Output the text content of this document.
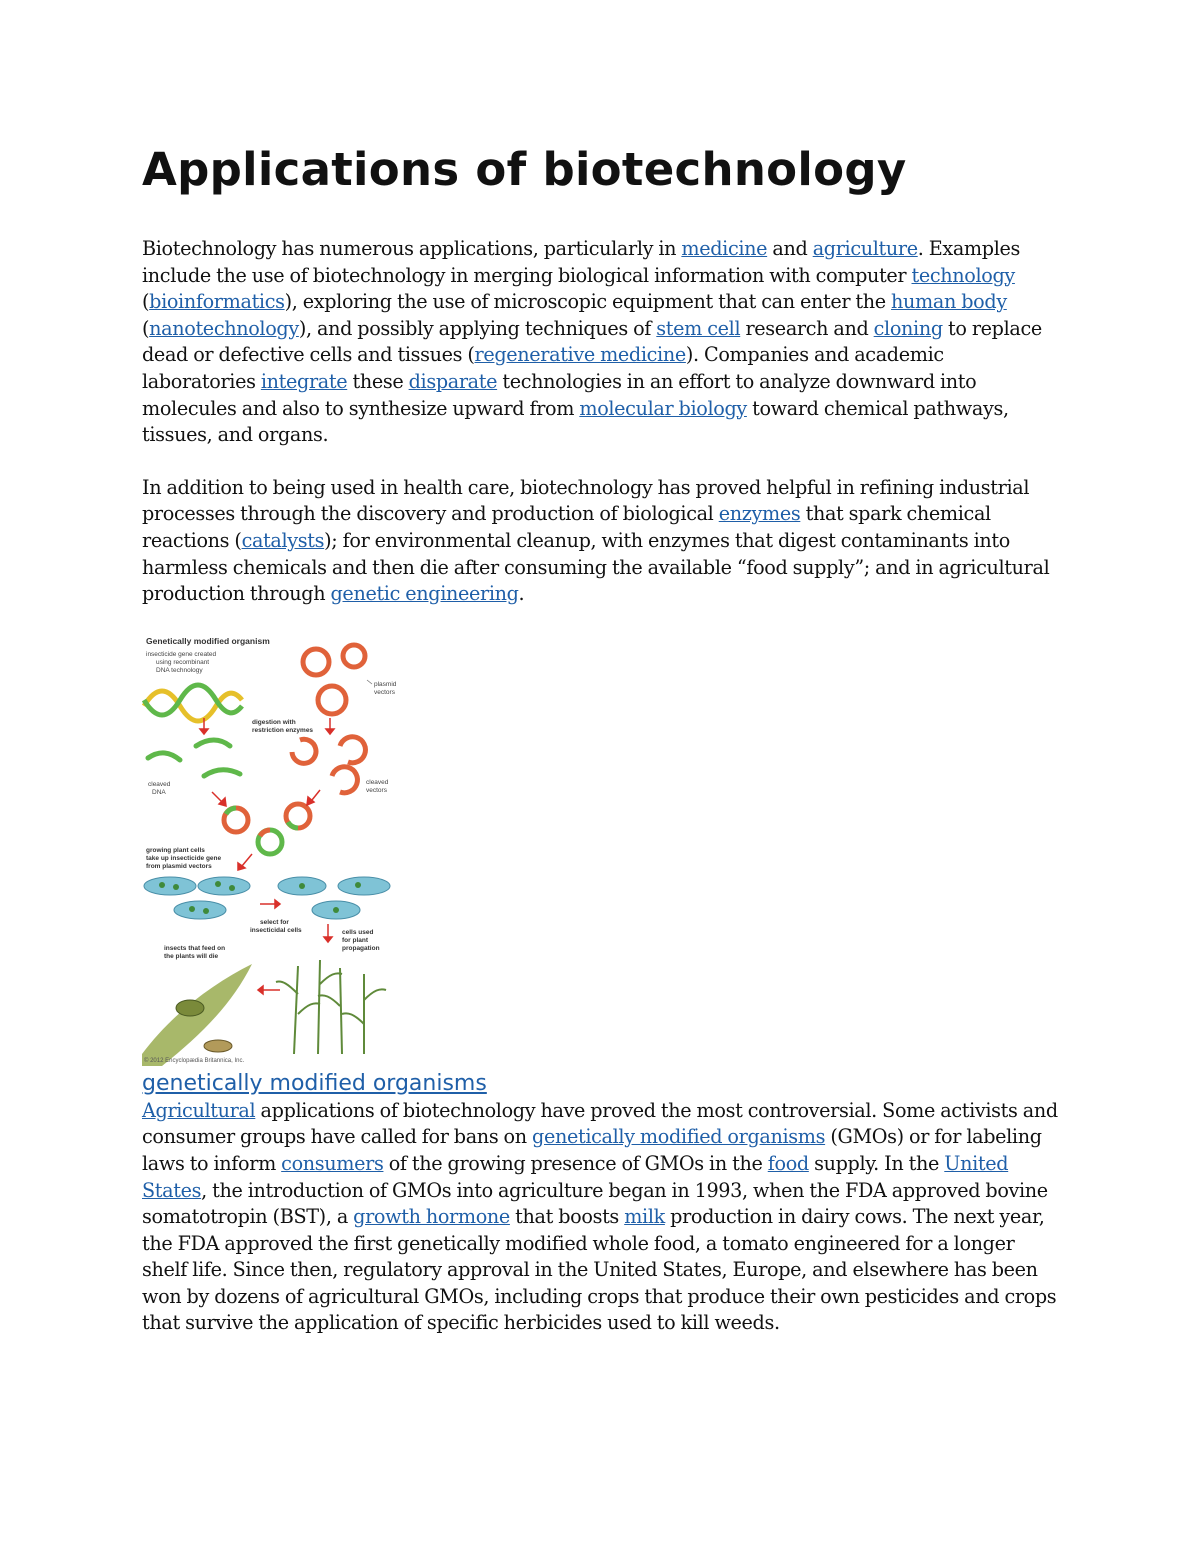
Applications of biotechnology

Biotechnology has numerous applications, particularly in medicine and agriculture. Examples include the use of biotechnology in merging biological information with computer technology (bioinformatics), exploring the use of microscopic equipment that can enter the human body (nanotechnology), and possibly applying techniques of stem cell research and cloning to replace dead or defective cells and tissues (regenerative medicine). Companies and academic laboratories integrate these disparate technologies in an effort to analyze downward into molecules and also to synthesize upward from molecular biology toward chemical pathways, tissues, and organs.

In addition to being used in health care, biotechnology has proved helpful in refining industrial processes through the discovery and production of biological enzymes that spark chemical reactions (catalysts); for environmental cleanup, with enzymes that digest contaminants into harmless chemicals and then die after consuming the available “food supply”; and in agricultural production through genetic engineering.

Genetically modified organism
insecticide gene created using recombinant DNA technology
plasmid vectors
digestion with restriction enzymes
cleaved DNA
cleaved vectors
growing plant cells take up insecticide gene from plasmid vectors
select for insecticidal cells	cells used for plant propagation
insects that feed on the plants will die
© 2012 Encyclopædia Britannica, Inc.
genetically modified organisms

Agricultural applications of biotechnology have proved the most controversial. Some activists and consumer groups have called for bans on genetically modified organisms (GMOs) or for labeling laws to inform consumers of the growing presence of GMOs in the food supply. In the United States, the introduction of GMOs into agriculture began in 1993, when the FDA approved bovine somatotropin (BST), a growth hormone that boosts milk production in dairy cows. The next year, the FDA approved the first genetically modified whole food, a tomato engineered for a longer shelf life. Since then, regulatory approval in the United States, Europe, and elsewhere has been won by dozens of agricultural GMOs, including crops that produce their own pesticides and crops that survive the application of specific herbicides used to kill weeds.
